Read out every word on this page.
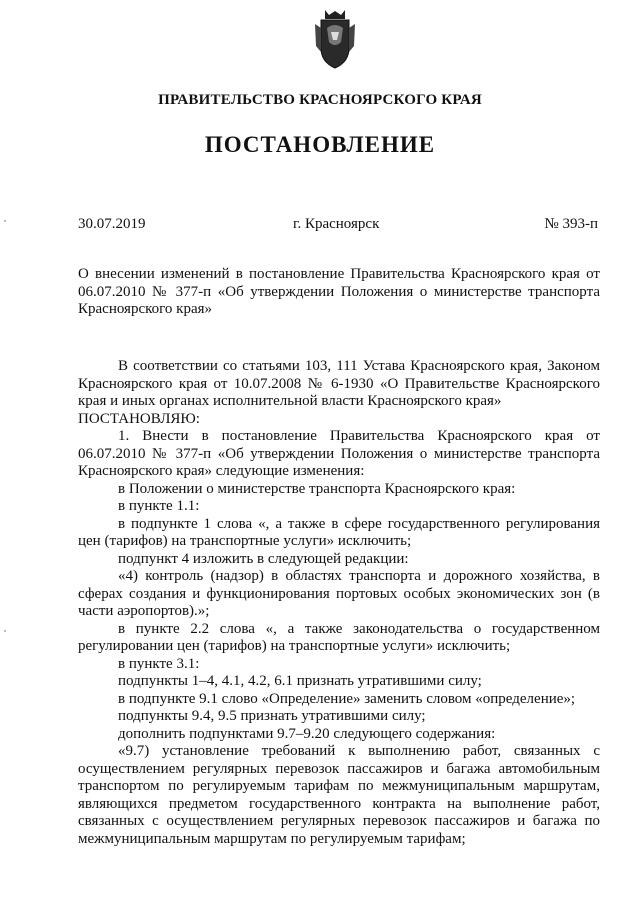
ПРАВИТЕЛЬСТВО КРАСНОЯРСКОГО КРАЯ
ПОСТАНОВЛЕНИЕ
30.07.2019	г. Красноярск	№ 393-п
О внесении изменений в постановление Правительства Красноярского края от 06.07.2010 № 377-п «Об утверждении Положения о министерстве транспорта Красноярского края»

В соответствии со статьями 103, 111 Устава Красноярского края, Законом Красноярского края от 10.07.2008 № 6-1930 «О Правительстве Красноярского края и иных органах исполнительной власти Красноярского края»

ПОСТАНОВЛЯЮ:

1. Внести в постановление Правительства Красноярского края от 06.07.2010 № 377-п «Об утверждении Положения о министерстве транспорта Красноярского края» следующие изменения:

в Положении о министерстве транспорта Красноярского края:

в пункте 1.1:

в подпункте 1 слова «, а также в сфере государственного регулирования цен (тарифов) на транспортные услуги» исключить;

подпункт 4 изложить в следующей редакции:

«4) контроль (надзор) в областях транспорта и дорожного хозяйства, в сферах создания и функционирования портовых особых экономических зон (в части аэропортов).»;

в пункте 2.2 слова «, а также законодательства о государственном регулировании цен (тарифов) на транспортные услуги» исключить;

в пункте 3.1:

подпункты 1–4, 4.1, 4.2, 6.1 признать утратившими силу;

в подпункте 9.1 слово «Определение» заменить словом «определение»;

подпункты 9.4, 9.5 признать утратившими силу;

дополнить подпунктами 9.7–9.20 следующего содержания:

«9.7) установление требований к выполнению работ, связанных с осуществлением регулярных перевозок пассажиров и багажа автомобильным транспортом по регулируемым тарифам по межмуниципальным маршрутам, являющихся предметом государственного контракта на выполнение работ, связанных с осуществлением регулярных перевозок пассажиров и багажа по межмуниципальным маршрутам по регулируемым тарифам;
